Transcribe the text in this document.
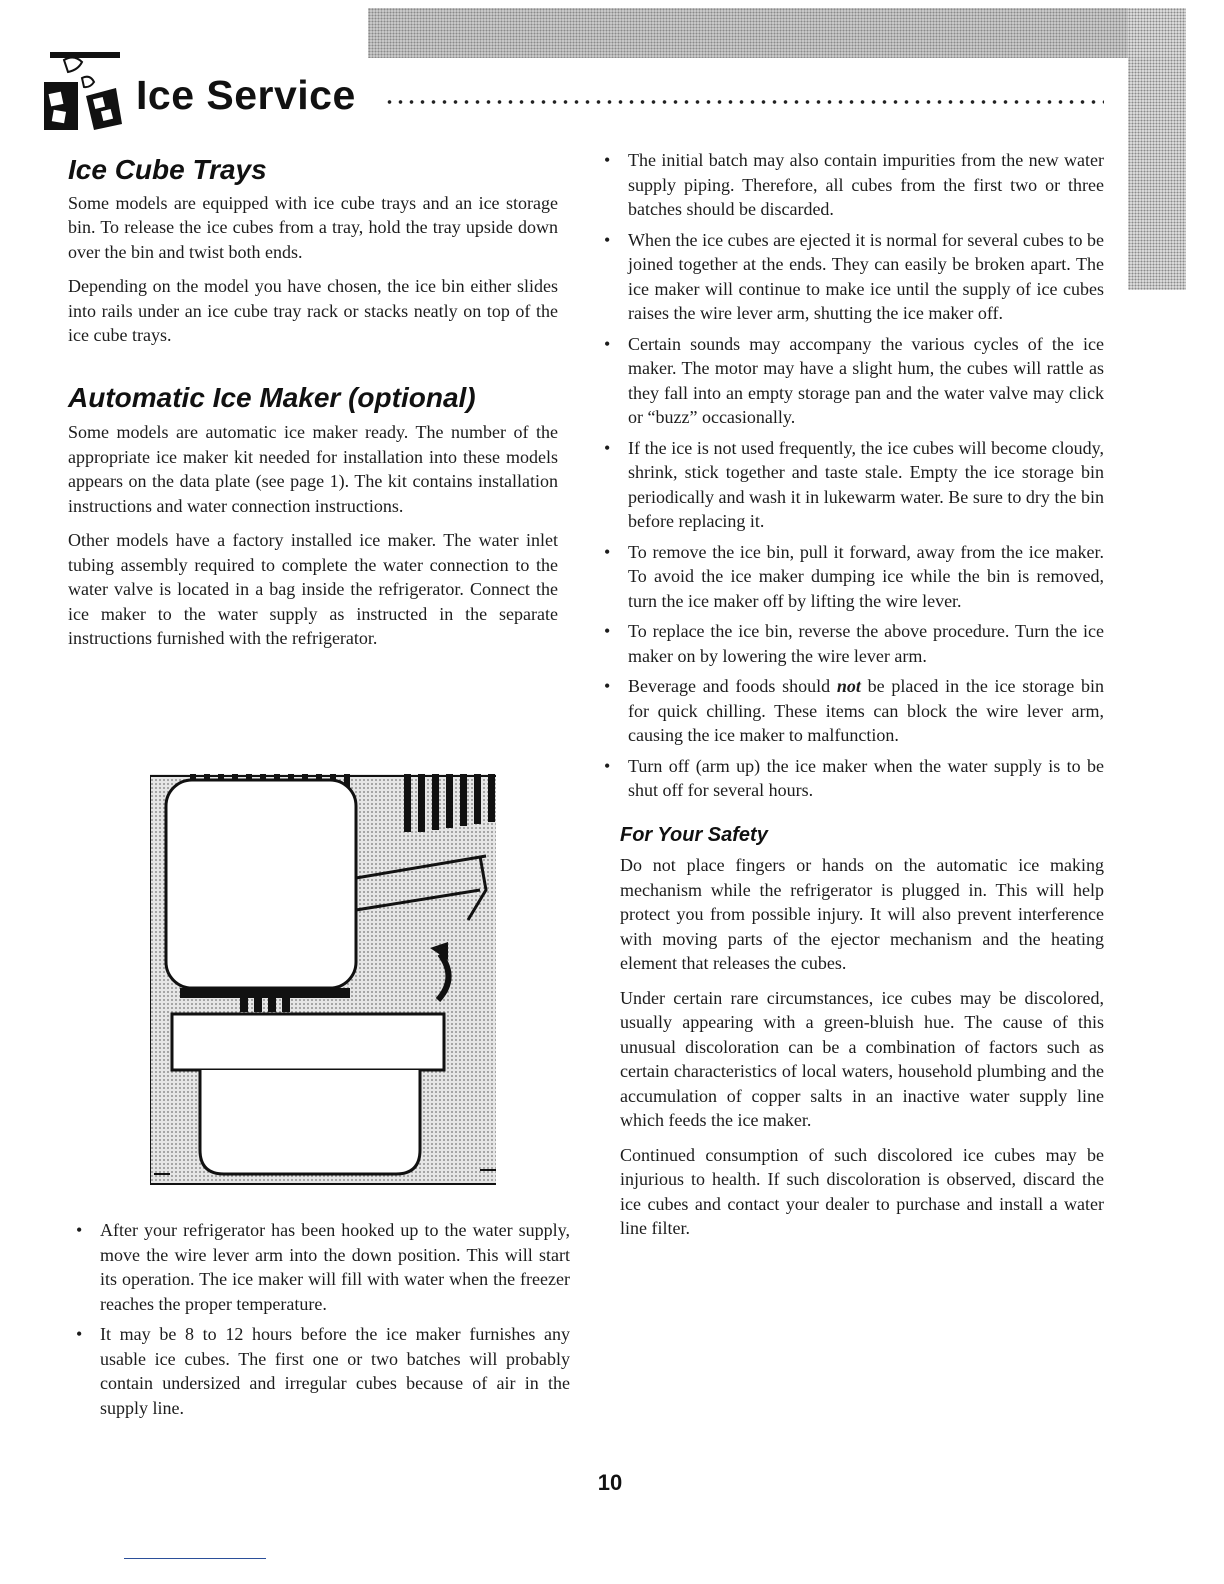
Ice Service
Ice Cube Trays

Some models are equipped with ice cube trays and an ice storage bin. To release the ice cubes from a tray, hold the tray upside down over the bin and twist both ends.

Depending on the model you have chosen, the ice bin either slides into rails under an ice cube tray rack or stacks neatly on top of the ice cube trays.

Automatic Ice Maker (optional)

Some models are automatic ice maker ready. The number of the appropriate ice maker kit needed for installation into these models appears on the data plate (see page 1). The kit contains installation instructions and water connection instructions.

Other models have a factory installed ice maker. The water inlet tubing assembly required to complete the water connection to the water valve is located in a bag inside the refrigerator. Connect the ice maker to the water supply as instructed in the separate instructions furnished with the refrigerator.

• After your refrigerator has been hooked up to the water supply, move the wire lever arm into the down position. This will start its operation. The ice maker will fill with water when the freezer reaches the proper temperature.
• It may be 8 to 12 hours before the ice maker furnishes any usable ice cubes. The first one or two batches will probably contain undersized and irregular cubes because of air in the supply line.
• The initial batch may also contain impurities from the new water supply piping. Therefore, all cubes from the first two or three batches should be discarded.
• When the ice cubes are ejected it is normal for several cubes to be joined together at the ends. They can easily be broken apart. The ice maker will continue to make ice until the supply of ice cubes raises the wire lever arm, shutting the ice maker off.
• Certain sounds may accompany the various cycles of the ice maker. The motor may have a slight hum, the cubes will rattle as they fall into an empty storage pan and the water valve may click or “buzz” occasionally.
• If the ice is not used frequently, the ice cubes will become cloudy, shrink, stick together and taste stale. Empty the ice storage bin periodically and wash it in lukewarm water. Be sure to dry the bin before replacing it.
• To remove the ice bin, pull it forward, away from the ice maker. To avoid the ice maker dumping ice while the bin is removed, turn the ice maker off by lifting the wire lever.
• To replace the ice bin, reverse the above procedure. Turn the ice maker on by lowering the wire lever arm.
• Beverage and foods should not be placed in the ice storage bin for quick chilling. These items can block the wire lever arm, causing the ice maker to malfunction.
• Turn off (arm up) the ice maker when the water supply is to be shut off for several hours.
For Your Safety

Do not place fingers or hands on the automatic ice making mechanism while the refrigerator is plugged in. This will help protect you from possible injury. It will also prevent interference with moving parts of the ejector mechanism and the heating element that releases the cubes.

Under certain rare circumstances, ice cubes may be discolored, usually appearing with a green-bluish hue. The cause of this unusual discoloration can be a combination of factors such as certain characteristics of local waters, household plumbing and the accumulation of copper salts in an inactive water supply line which feeds the ice maker.

Continued consumption of such discolored ice cubes may be injurious to health. If such discoloration is observed, discard the ice cubes and contact your dealer to purchase and install a water line filter.

10
